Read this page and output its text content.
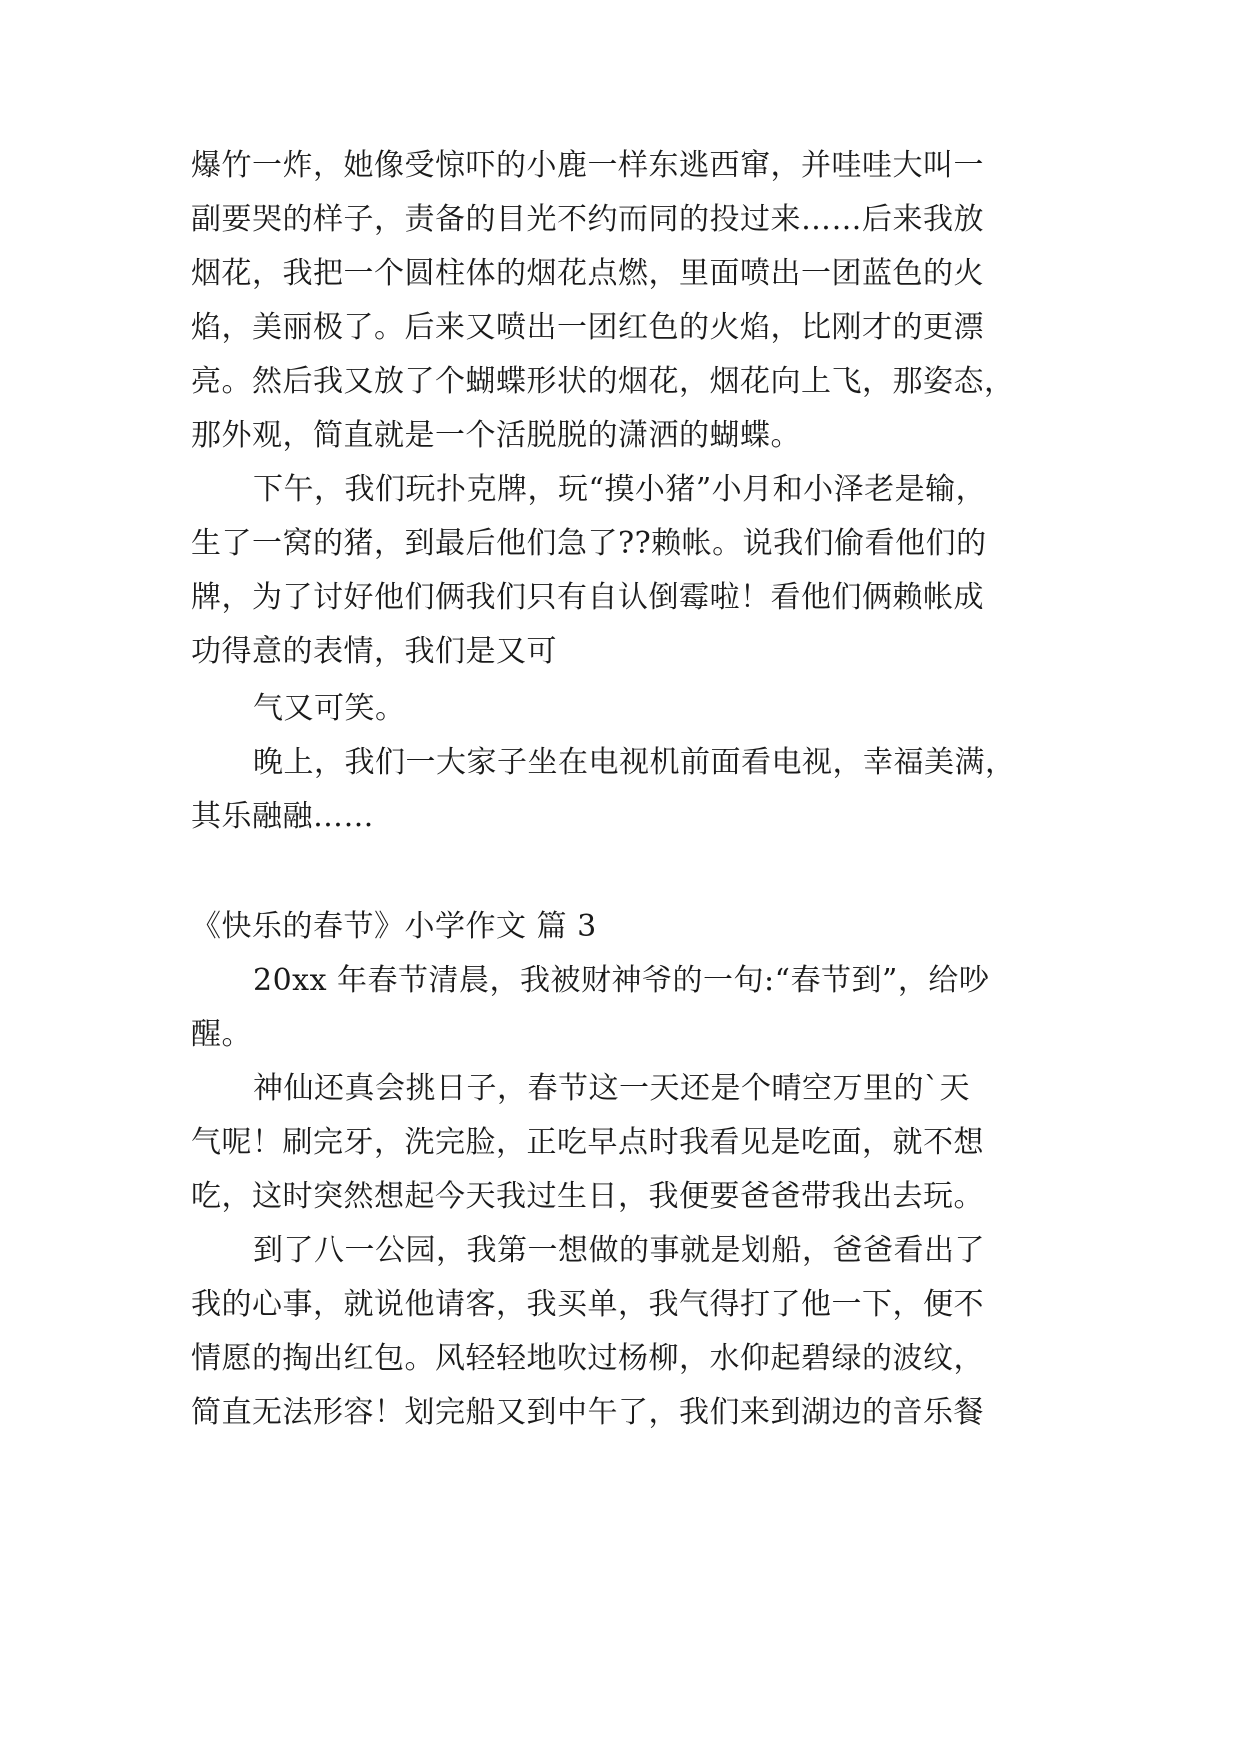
爆竹一炸，她像受惊吓的小鹿一样东逃西窜，并哇哇大叫一
副要哭的样子，责备的目光不约而同的投过来……后来我放
烟花，我把一个圆柱体的烟花点燃，里面喷出一团蓝色的火
焰，美丽极了。后来又喷出一团红色的火焰，比刚才的更漂
亮。然后我又放了个蝴蝶形状的烟花，烟花向上飞，那姿态，
那外观，简直就是一个活脱脱的潇洒的蝴蝶。
下午，我们玩扑克牌，玩“摸小猪”小月和小泽老是输，
生了一窝的猪，到最后他们急了??赖帐。说我们偷看他们的
牌，为了讨好他们俩我们只有自认倒霉啦！看他们俩赖帐成
功得意的表情，我们是又可
气又可笑。
晚上，我们一大家子坐在电视机前面看电视，幸福美满，
其乐融融……
《快乐的春节》小学作文 篇 3
20xx 年春节清晨，我被财神爷的一句:“春节到”，给吵
醒。
神仙还真会挑日子，春节这一天还是个晴空万里的`天
气呢！刷完牙，洗完脸，正吃早点时我看见是吃面，就不想
吃，这时突然想起今天我过生日，我便要爸爸带我出去玩。
到了八一公园，我第一想做的事就是划船，爸爸看出了
我的心事，就说他请客，我买单，我气得打了他一下，便不
情愿的掏出红包。风轻轻地吹过杨柳，水仰起碧绿的波纹，
简直无法形容！划完船又到中午了，我们来到湖边的音乐餐
